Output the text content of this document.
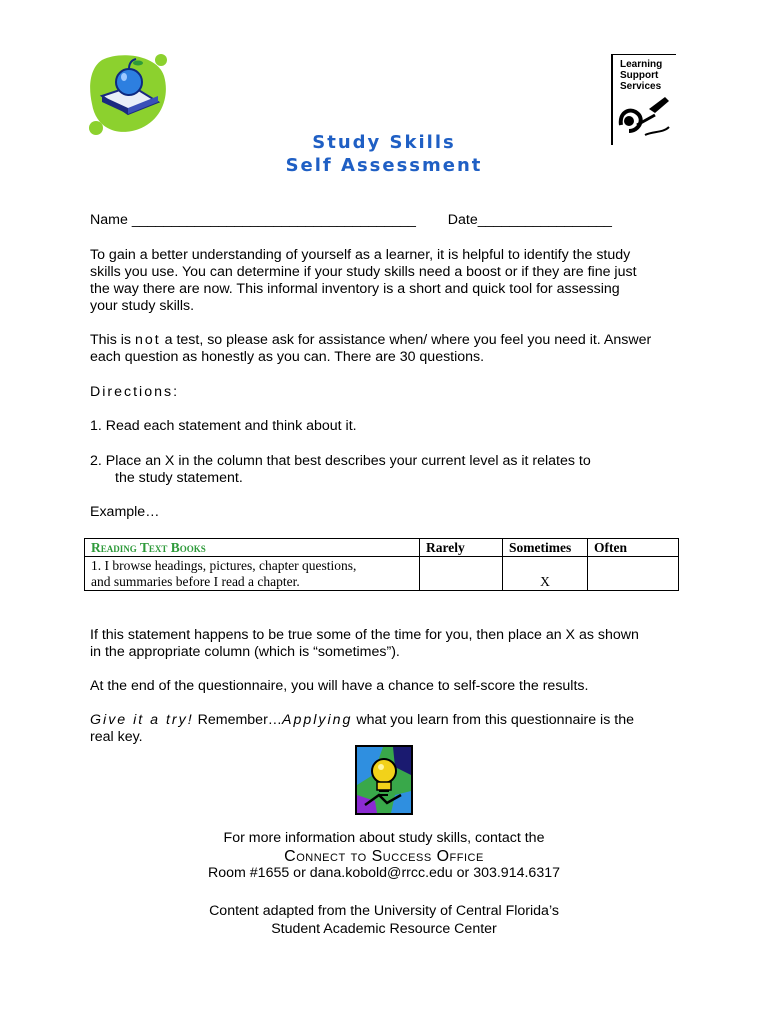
Learning
Support
Services
Study Skills
Self Assessment
Name ____________________________________ Date_________________
To gain a better understanding of yourself as a learner, it is helpful to identify the study
skills you use. You can determine if your study skills need a boost or if they are fine just
the way there are now. This informal inventory is a short and quick tool for assessing
your study skills.
This is not a test, so please ask for assistance when/ where you feel you need it. Answer
each question as honestly as you can. There are 30 questions.
Directions:
1. Read each statement and think about it.
2. Place an X in the column that best describes your current level as it relates to
the study statement.
Example…
Reading Text Books	Rarely	Sometimes	Often

1. I browse headings, pictures, chapter questions,
and summaries before I read a chapter.		X	
If this statement happens to be true some of the time for you, then place an X as shown
in the appropriate column (which is “sometimes”).
At the end of the questionnaire, you will have a chance to self-score the results.
Give it a try! Remember…Applying what you learn from this questionnaire is the
real key.
For more information about study skills, contact the
Connect to Success Office
Room #1655 or dana.kobold@rrcc.edu or 303.914.6317
Content adapted from the University of Central Florida’s
Student Academic Resource Center
